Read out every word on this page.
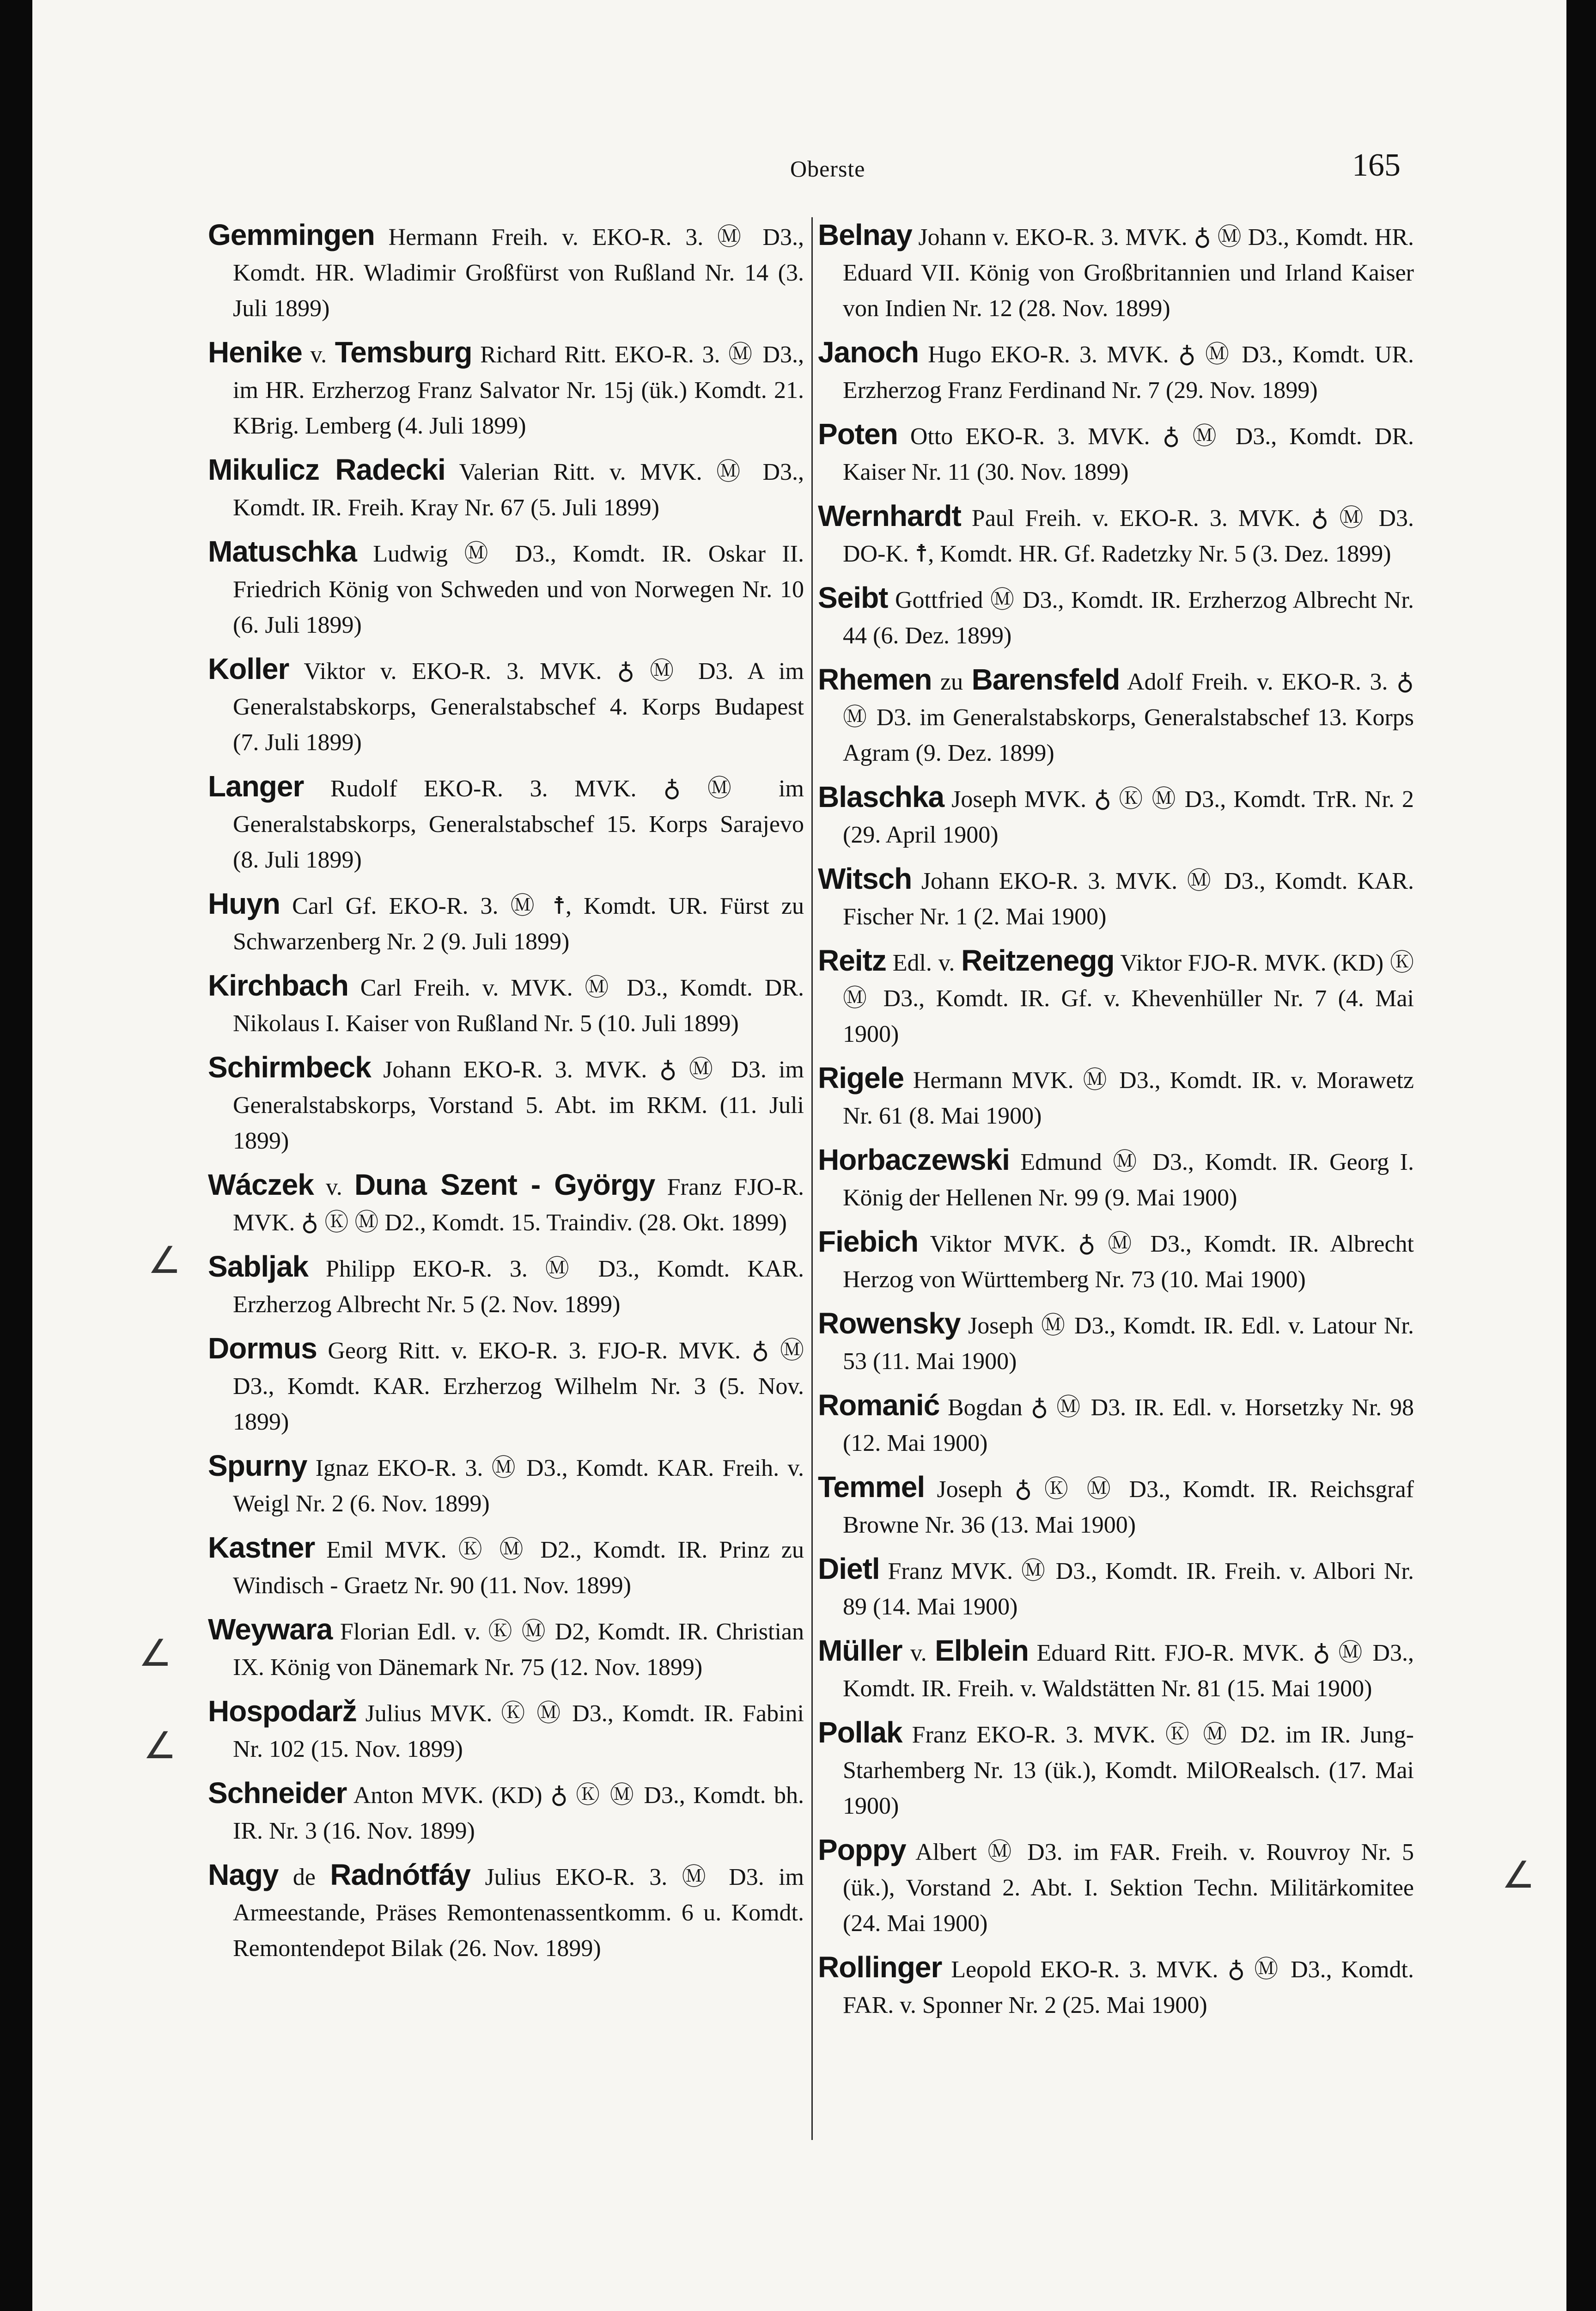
Oberste	165
Gemmingen Hermann Freih. v. EKO-R. 3. Ⓜ D3., Komdt. HR. Wladimir Großfürst von Rußland Nr. 14 (3. Juli 1899)
Henike v. Temsburg Richard Ritt. EKO-R. 3. Ⓜ D3., im HR. Erzherzog Franz Salvator Nr. 15j (ük.) Komdt. 21. KBrig. Lemberg (4. Juli 1899)
Mikulicz Radecki Valerian Ritt. v. MVK. Ⓜ D3., Komdt. IR. Freih. Kray Nr. 67 (5. Juli 1899)
Matuschka Ludwig Ⓜ D3., Komdt. IR. Oskar II. Friedrich König von Schweden und von Norwegen Nr. 10 (6. Juli 1899)
Koller Viktor v. EKO-R. 3. MVK. ♁ Ⓜ D3. A im Generalstabskorps, Generalstabschef 4. Korps Budapest (7. Juli 1899)
Langer Rudolf EKO-R. 3. MVK. ♁ Ⓜ im Generalstabskorps, Generalstabschef 15. Korps Sarajevo (8. Juli 1899)
Huyn Carl Gf. EKO-R. 3. Ⓜ ☨, Komdt. UR. Fürst zu Schwarzenberg Nr. 2 (9. Juli 1899)
Kirchbach Carl Freih. v. MVK. Ⓜ D3., Komdt. DR. Nikolaus I. Kaiser von Rußland Nr. 5 (10. Juli 1899)
Schirmbeck Johann EKO-R. 3. MVK. ♁ Ⓜ D3. im Generalstabskorps, Vorstand 5. Abt. im RKM. (11. Juli 1899)
Wáczek v. Duna Szent - György Franz FJO-R. MVK. ♁ Ⓚ Ⓜ D2., Komdt. 15. Traindiv. (28. Okt. 1899)
Sabljak Philipp EKO-R. 3. Ⓜ D3., Komdt. KAR. Erzherzog Albrecht Nr. 5 (2. Nov. 1899)
Dormus Georg Ritt. v. EKO-R. 3. FJO-R. MVK. ♁ Ⓜ D3., Komdt. KAR. Erzherzog Wilhelm Nr. 3 (5. Nov. 1899)
Spurny Ignaz EKO-R. 3. Ⓜ D3., Komdt. KAR. Freih. v. Weigl Nr. 2 (6. Nov. 1899)
Kastner Emil MVK. Ⓚ Ⓜ D2., Komdt. IR. Prinz zu Windisch - Graetz Nr. 90 (11. Nov. 1899)
Weywara Florian Edl. v. Ⓚ Ⓜ D2, Komdt. IR. Christian IX. König von Dänemark Nr. 75 (12. Nov. 1899)
Hospodarž Julius MVK. Ⓚ Ⓜ D3., Komdt. IR. Fabini Nr. 102 (15. Nov. 1899)
Schneider Anton MVK. (KD) ♁ Ⓚ Ⓜ D3., Komdt. bh. IR. Nr. 3 (16. Nov. 1899)
Nagy de Radnótfáy Julius EKO-R. 3. Ⓜ D3. im Armeestande, Präses Remontenassentkomm. 6 u. Komdt. Remontendepot Bilak (26. Nov. 1899)
Belnay Johann v. EKO-R. 3. MVK. ♁ Ⓜ D3., Komdt. HR. Eduard VII. König von Großbritannien und Irland Kaiser von Indien Nr. 12 (28. Nov. 1899)
Janoch Hugo EKO-R. 3. MVK. ♁ Ⓜ D3., Komdt. UR. Erzherzog Franz Ferdinand Nr. 7 (29. Nov. 1899)
Poten Otto EKO-R. 3. MVK. ♁ Ⓜ D3., Komdt. DR. Kaiser Nr. 11 (30. Nov. 1899)
Wernhardt Paul Freih. v. EKO-R. 3. MVK. ♁ Ⓜ D3. DO-K. ☨, Komdt. HR. Gf. Radetzky Nr. 5 (3. Dez. 1899)
Seibt Gottfried Ⓜ D3., Komdt. IR. Erzherzog Albrecht Nr. 44 (6. Dez. 1899)
Rhemen zu Barensfeld Adolf Freih. v. EKO-R. 3. ♁ Ⓜ D3. im Generalstabskorps, Generalstabschef 13. Korps Agram (9. Dez. 1899)
Blaschka Joseph MVK. ♁ Ⓚ Ⓜ D3., Komdt. TrR. Nr. 2 (29. April 1900)
Witsch Johann EKO-R. 3. MVK. Ⓜ D3., Komdt. KAR. Fischer Nr. 1 (2. Mai 1900)
Reitz Edl. v. Reitzenegg Viktor FJO-R. MVK. (KD) Ⓚ Ⓜ D3., Komdt. IR. Gf. v. Khevenhüller Nr. 7 (4. Mai 1900)
Rigele Hermann MVK. Ⓜ D3., Komdt. IR. v. Morawetz Nr. 61 (8. Mai 1900)
Horbaczewski Edmund Ⓜ D3., Komdt. IR. Georg I. König der Hellenen Nr. 99 (9. Mai 1900)
Fiebich Viktor MVK. ♁ Ⓜ D3., Komdt. IR. Albrecht Herzog von Württemberg Nr. 73 (10. Mai 1900)
Rowensky Joseph Ⓜ D3., Komdt. IR. Edl. v. Latour Nr. 53 (11. Mai 1900)
Romanić Bogdan ♁ Ⓜ D3. IR. Edl. v. Horsetzky Nr. 98 (12. Mai 1900)
Temmel Joseph ♁ Ⓚ Ⓜ D3., Komdt. IR. Reichsgraf Browne Nr. 36 (13. Mai 1900)
Dietl Franz MVK. Ⓜ D3., Komdt. IR. Freih. v. Albori Nr. 89 (14. Mai 1900)
Müller v. Elblein Eduard Ritt. FJO-R. MVK. ♁ Ⓜ D3., Komdt. IR. Freih. v. Waldstätten Nr. 81 (15. Mai 1900)
Pollak Franz EKO-R. 3. MVK. Ⓚ Ⓜ D2. im IR. Jung-Starhemberg Nr. 13 (ük.), Komdt. MilORealsch. (17. Mai 1900)
Poppy Albert Ⓜ D3. im FAR. Freih. v. Rouvroy Nr. 5 (ük.), Vorstand 2. Abt. I. Sektion Techn. Militärkomitee (24. Mai 1900)
Rollinger Leopold EKO-R. 3. MVK. ♁ Ⓜ D3., Komdt. FAR. v. Sponner Nr. 2 (25. Mai 1900)
∠
∠
∠
∠
